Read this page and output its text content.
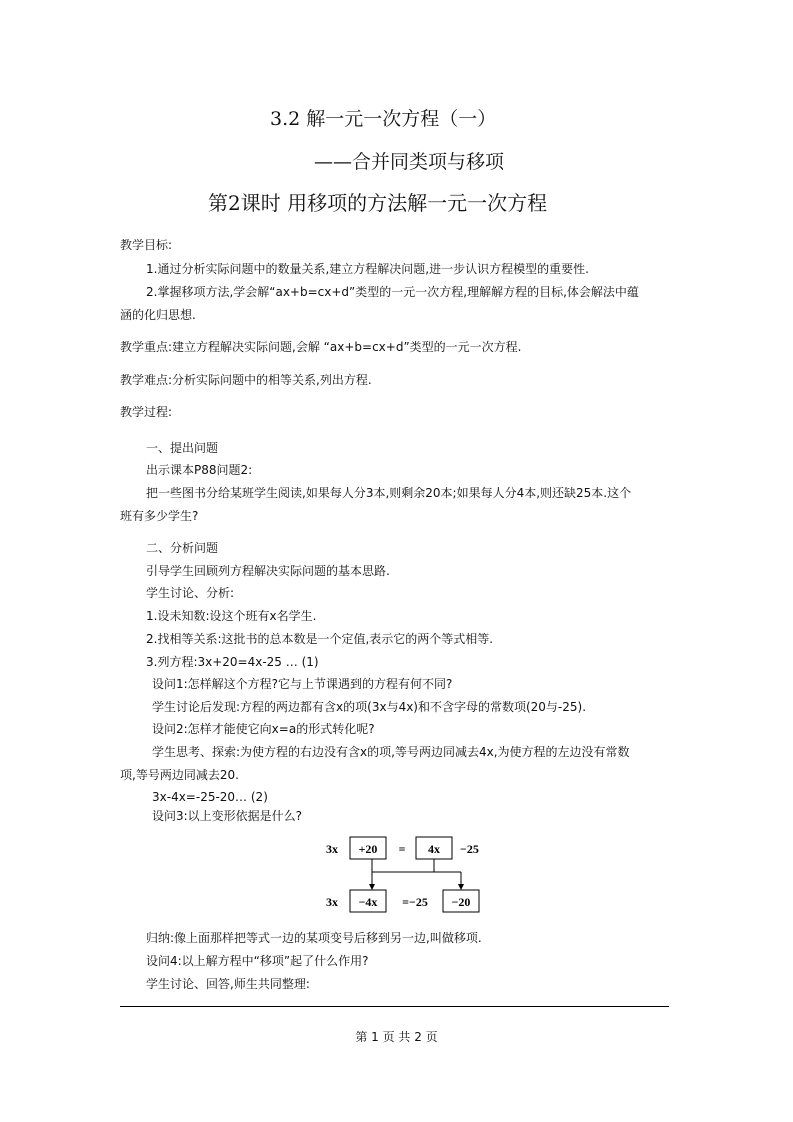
3.2 解一元一次方程（一）
——合并同类项与移项
第2课时 用移项的方法解一元一次方程
教学目标:
1.通过分析实际问题中的数量关系,建立方程解决问题,进一步认识方程模型的重要性.
2.掌握移项方法,学会解“ax+b=cx+d”类型的一元一次方程,理解解方程的目标,体会解法中蕴
涵的化归思想.
教学重点:建立方程解决实际问题,会解 “ax+b=cx+d”类型的一元一次方程.
教学难点:分析实际问题中的相等关系,列出方程.
教学过程:
一、提出问题
出示课本P88问题2:
把一些图书分给某班学生阅读,如果每人分3本,则剩余20本;如果每人分4本,则还缺25本.这个
班有多少学生?
二、分析问题
引导学生回顾列方程解决实际问题的基本思路.
学生讨论、分析:
1.设未知数:设这个班有x名学生.
2.找相等关系:这批书的总本数是一个定值,表示它的两个等式相等.
3.列方程:3x+20=4x-25 … (1)
设问1:怎样解这个方程?它与上节课遇到的方程有何不同?
学生讨论后发现:方程的两边都有含x的项(3x与4x)和不含字母的常数项(20与-25).
设问2:怎样才能使它向x=a的形式转化呢?
学生思考、探索:为使方程的右边没有含x的项,等号两边同减去4x,为使方程的左边没有常数
项,等号两边同减去20.
3x-4x=-25-20… (2)
设问3:以上变形依据是什么?
3x +20 = 4x −25
3x −4x =−25 −20
归纳:像上面那样把等式一边的某项变号后移到另一边,叫做移项.
设问4:以上解方程中“移项”起了什么作用?
学生讨论、回答,师生共同整理:
第 1 页 共 2 页
